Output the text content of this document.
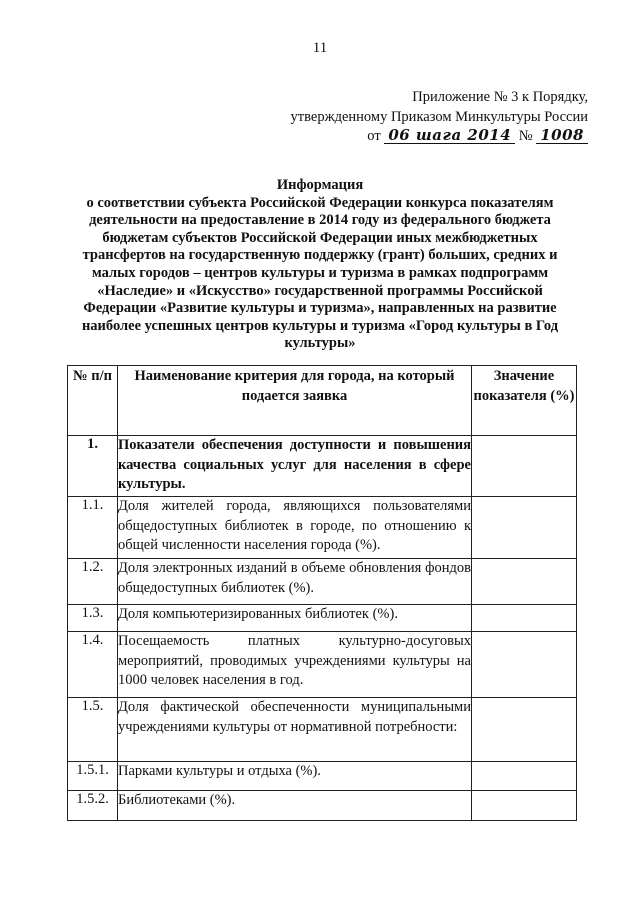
11
Приложение № 3 к Порядку,
утвержденному Приказом Минкультуры России
от 06 шага 2014 № 1008
Информация
о соответствии субъекта Российской Федерации конкурса показателям деятельности на предоставление в 2014 году из федерального бюджета бюджетам субъектов Российской Федерации иных межбюджетных трансфертов на государственную поддержку (грант) больших, средних и малых городов – центров культуры и туризма в рамках подпрограмм «Наследие» и «Искусство» государственной программы Российской Федерации «Развитие культуры и туризма», направленных на развитие наиболее успешных центров культуры и туризма «Город культуры в Год культуры»
№ п/п	Наименование критерия для города, на который подается заявка	Значение показателя (%)
1.	Показатели обеспечения доступности и повышения качества социальных услуг для населения в сфере культуры.	
1.1.	Доля жителей города, являющихся пользователями общедоступных библиотек в городе, по отношению к общей численности населения города (%).	
1.2.	Доля электронных изданий в объеме обновления фондов общедоступных библиотек (%).	
1.3.	Доля компьютеризированных библиотек (%).	
1.4.	Посещаемость платных культурно-досуговых мероприятий, проводимых учреждениями культуры на 1000 человек населения в год.	
1.5.	Доля фактической обеспеченности муниципальными учреждениями культуры от нормативной потребности:	
1.5.1.	Парками культуры и отдыха (%).	
1.5.2.	Библиотеками (%).	
